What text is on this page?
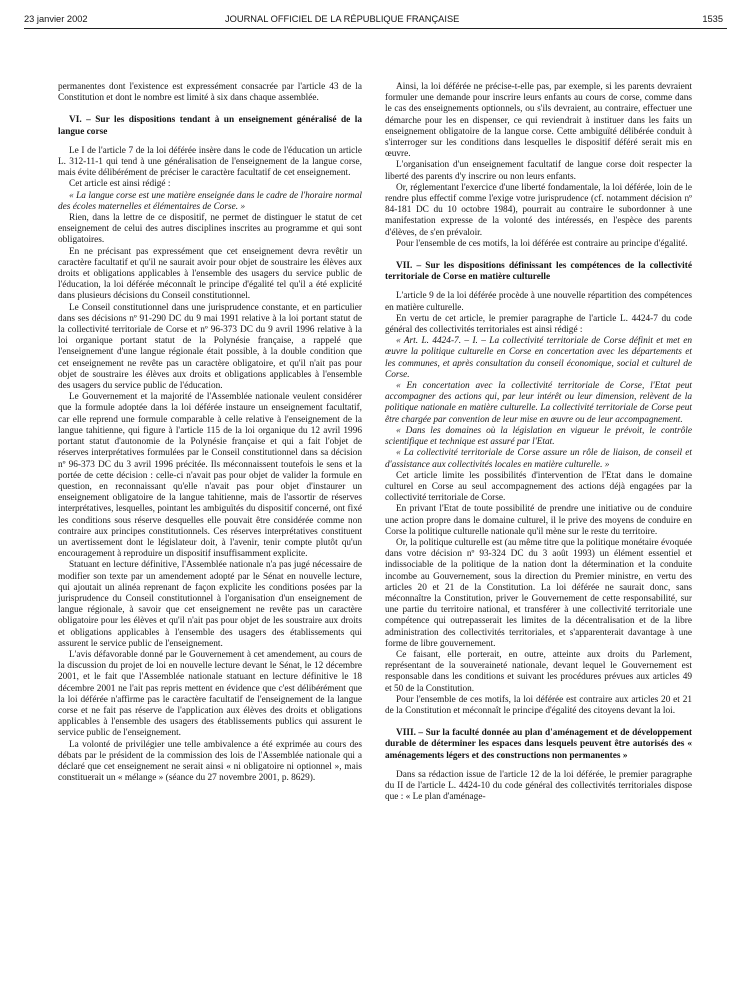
23 janvier 2002	JOURNAL OFFICIEL DE LA RÉPUBLIQUE FRANÇAISE	1535

permanentes dont l'existence est expressément consacrée par l'article 43 de la Constitution et dont le nombre est limité à six dans chaque assemblée.

VI. – Sur les dispositions tendant à un enseignement généralisé de la langue corse

Le I de l'article 7 de la loi déférée insère dans le code de l'éducation un article L. 312-11-1 qui tend à une généralisation de l'enseignement de la langue corse, mais évite délibérément de préciser le caractère facultatif de cet enseignement.

Cet article est ainsi rédigé :

« La langue corse est une matière enseignée dans le cadre de l'horaire normal des écoles maternelles et élémentaires de Corse. »

Rien, dans la lettre de ce dispositif, ne permet de distinguer le statut de cet enseignement de celui des autres disciplines inscrites au programme et qui sont obligatoires.

En ne précisant pas expressément que cet enseignement devra revêtir un caractère facultatif et qu'il ne saurait avoir pour objet de soustraire les élèves aux droits et obligations applicables à l'ensemble des usagers du service public de l'éducation, la loi déférée méconnaît le principe d'égalité tel qu'il a été explicité dans plusieurs décisions du Conseil constitutionnel.

Le Conseil constitutionnel dans une jurisprudence constante, et en particulier dans ses décisions nº 91-290 DC du 9 mai 1991 relative à la loi portant statut de la collectivité territoriale de Corse et nº 96-373 DC du 9 avril 1996 relative à la loi organique portant statut de la Polynésie française, a rappelé que l'enseignement d'une langue régionale était possible, à la double condition que cet enseignement ne revête pas un caractère obligatoire, et qu'il n'ait pas pour objet de soustraire les élèves aux droits et obligations applicables à l'ensemble des usagers du service public de l'éducation.

Le Gouvernement et la majorité de l'Assemblée nationale veulent considérer que la formule adoptée dans la loi déférée instaure un enseignement facultatif, car elle reprend une formule comparable à celle relative à l'enseignement de la langue tahitienne, qui figure à l'article 115 de la loi organique du 12 avril 1996 portant statut d'autonomie de la Polynésie française et qui a fait l'objet de réserves interprétatives formulées par le Conseil constitutionnel dans sa décision nº 96-373 DC du 3 avril 1996 précitée. Ils méconnaissent toutefois le sens et la portée de cette décision : celle-ci n'avait pas pour objet de valider la formule en question, en reconnaissant qu'elle n'avait pas pour objet d'instaurer un enseignement obligatoire de la langue tahitienne, mais de l'assortir de réserves interprétatives, lesquelles, pointant les ambiguïtés du dispositif concerné, ont fixé les conditions sous réserve desquelles elle pouvait être considérée comme non contraire aux principes constitutionnels. Ces réserves interprétatives constituent un avertissement dont le législateur doit, à l'avenir, tenir compte plutôt qu'un encouragement à reproduire un dispositif insuffisamment explicite.

Statuant en lecture définitive, l'Assemblée nationale n'a pas jugé nécessaire de modifier son texte par un amendement adopté par le Sénat en nouvelle lecture, qui ajoutait un alinéa reprenant de façon explicite les conditions posées par la jurisprudence du Conseil constitutionnel à l'organisation d'un enseignement de langue régionale, à savoir que cet enseignement ne revête pas un caractère obligatoire pour les élèves et qu'il n'ait pas pour objet de les soustraire aux droits et obligations applicables à l'ensemble des usagers des établissements qui assurent le service public de l'enseignement.

L'avis défavorable donné par le Gouvernement à cet amendement, au cours de la discussion du projet de loi en nouvelle lecture devant le Sénat, le 12 décembre 2001, et le fait que l'Assemblée nationale statuant en lecture définitive le 18 décembre 2001 ne l'ait pas repris mettent en évidence que c'est délibérément que la loi déférée n'affirme pas le caractère facultatif de l'enseignement de la langue corse et ne fait pas réserve de l'application aux élèves des droits et obligations applicables à l'ensemble des usagers des établissements publics qui assurent le service public de l'enseignement.

La volonté de privilégier une telle ambivalence a été exprimée au cours des débats par le président de la commission des lois de l'Assemblée nationale qui a déclaré que cet enseignement ne serait ainsi « ni obligatoire ni optionnel », mais constituerait un « mélange » (séance du 27 novembre 2001, p. 8629).

Ainsi, la loi déférée ne précise-t-elle pas, par exemple, si les parents devraient formuler une demande pour inscrire leurs enfants au cours de corse, comme dans le cas des enseignements optionnels, ou s'ils devraient, au contraire, effectuer une démarche pour les en dispenser, ce qui reviendrait à instituer dans les faits un enseignement obligatoire de la langue corse. Cette ambiguïté délibérée conduit à s'interroger sur les conditions dans lesquelles le dispositif déféré serait mis en œuvre.

L'organisation d'un enseignement facultatif de langue corse doit respecter la liberté des parents d'y inscrire ou non leurs enfants.

Or, réglementant l'exercice d'une liberté fondamentale, la loi déférée, loin de le rendre plus effectif comme l'exige votre jurisprudence (cf. notamment décision nº 84-181 DC du 10 octobre 1984), pourrait au contraire le subordonner à une manifestation expresse de la volonté des intéressés, en l'espèce des parents d'élèves, de s'en prévaloir.

Pour l'ensemble de ces motifs, la loi déférée est contraire au principe d'égalité.

VII. – Sur les dispositions définissant les compétences de la collectivité territoriale de Corse en matière culturelle

L'article 9 de la loi déférée procède à une nouvelle répartition des compétences en matière culturelle.

En vertu de cet article, le premier paragraphe de l'article L. 4424-7 du code général des collectivités territoriales est ainsi rédigé :

« Art. L. 4424-7. – I. – La collectivité territoriale de Corse définit et met en œuvre la politique culturelle en Corse en concertation avec les départements et les communes, et après consultation du conseil économique, social et culturel de Corse.

« En concertation avec la collectivité territoriale de Corse, l'Etat peut accompagner des actions qui, par leur intérêt ou leur dimension, relèvent de la politique nationale en matière culturelle. La collectivité territoriale de Corse peut être chargée par convention de leur mise en œuvre ou de leur accompagnement.

« Dans les domaines où la législation en vigueur le prévoit, le contrôle scientifique et technique est assuré par l'Etat.

« La collectivité territoriale de Corse assure un rôle de liaison, de conseil et d'assistance aux collectivités locales en matière culturelle. »

Cet article limite les possibilités d'intervention de l'Etat dans le domaine culturel en Corse au seul accompagnement des actions déjà engagées par la collectivité territoriale de Corse.

En privant l'Etat de toute possibilité de prendre une initiative ou de conduire une action propre dans le domaine culturel, il le prive des moyens de conduire en Corse la politique culturelle nationale qu'il mène sur le reste du territoire.

Or, la politique culturelle est (au même titre que la politique monétaire évoquée dans votre décision nº 93-324 DC du 3 août 1993) un élément essentiel et indissociable de la politique de la nation dont la détermination et la conduite incombe au Gouvernement, sous la direction du Premier ministre, en vertu des articles 20 et 21 de la Constitution. La loi déférée ne saurait donc, sans méconnaître la Constitution, priver le Gouvernement de cette responsabilité, sur une partie du territoire national, et transférer à une collectivité territoriale une compétence qui outrepasserait les limites de la décentralisation et de la libre administration des collectivités territoriales, et s'apparenterait davantage à une forme de libre gouvernement.

Ce faisant, elle porterait, en outre, atteinte aux droits du Parlement, représentant de la souveraineté nationale, devant lequel le Gouvernement est responsable dans les conditions et suivant les procédures prévues aux articles 49 et 50 de la Constitution.

Pour l'ensemble de ces motifs, la loi déférée est contraire aux articles 20 et 21 de la Constitution et méconnaît le principe d'égalité des citoyens devant la loi.

VIII. – Sur la faculté donnée au plan d'aménagement et de développement durable de déterminer les espaces dans lesquels peuvent être autorisés des « aménagements légers et des constructions non permanentes »

Dans sa rédaction issue de l'article 12 de la loi déférée, le premier paragraphe du II de l'article L. 4424-10 du code général des collectivités territoriales dispose que : « Le plan d'aménage-
